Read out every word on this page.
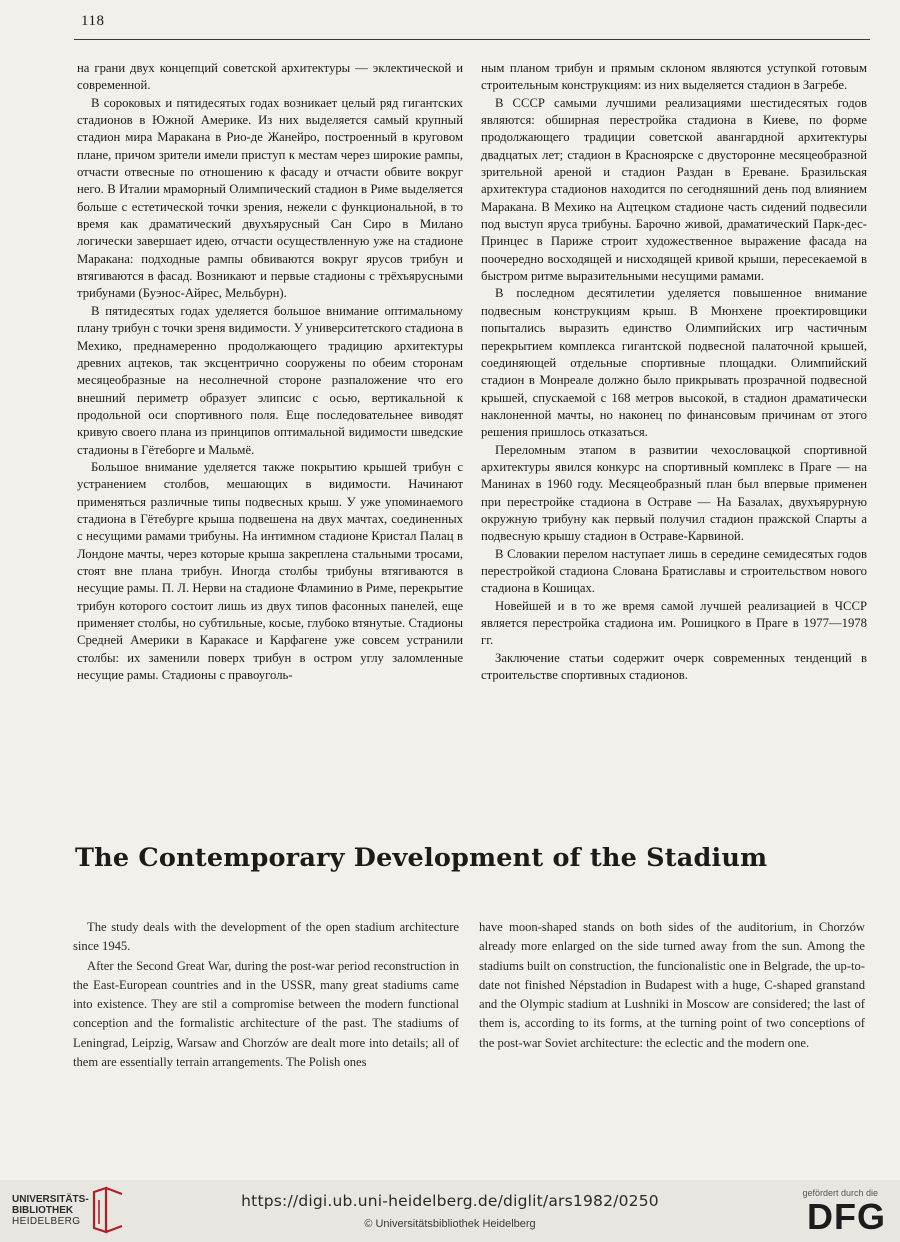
118

на грани двух концепций советской архитектуры — эклектической и современной.

В сороковых и пятидесятых годах возникает целый ряд гигантских стадионов в Южной Америке. Из них выделяется самый крупный стадион мира Маракана в Рио-де Жанейро, построенный в круговом плане, причом зрители имели приступ к местам через широкие рампы, отчасти отвесные по отношению к фасаду и отчасти обвите вокруг него. В Италии мраморный Олимпический стадион в Риме выделяется больше с естетической точки зрения, нежели с функциональной, в то время как драматический двухъярусный Сан Сиро в Милано логически завершает идею, отчасти осуществленную уже на стадионе Маракана: подходные рампы обвиваются вокруг ярусов трибун и втягиваются в фасад. Возникают и первые стадионы с трёхъярусными трибунами (Буэнос-Айрес, Мельбурн).

В пятидесятых годах уделяется большое внимание оптимальному плану трибун с точки зреня видимости. У университетского стадиона в Мехико, преднамеренно продолжающего традицию архитектуры древних ацтеков, так эксцентрично сооружены по обеим сторонам месяцеобразные на несолнечной стороне разпаложение что его внешний периметр образует элипсис с осью, вертикальной к продольной оси спортивного поля. Еще последовательнее виводят кривую своего плана из принципов оптимальной видимости шведские стадионы в Гётеборге и Мальмё.

Большое внимание уделяется также покрытию крышей трибун с устранением столбов, мешающих в видимости. Начинают применяться различные типы подвесных крыш. У уже упоминаемого стадиона в Гётебурге крыша подвешена на двух мачтах, соединенных с несущими рамами трибуны. На интимном стадионе Кристал Палац в Лондоне мачты, через которые крыша закреплена стальными тросами, стоят вне плана трибун. Иногда столбы трибуны втягиваются в несущие рамы. П. Л. Нерви на стадионе Фламинио в Риме, перекрытие трибун которого состоит лишь из двух типов фасонных панелей, еще применяет столбы, но субтильные, косые, глубоко втянутые. Стадионы Средней Америки в Каракасе и Карфагене уже совсем устранили столбы: их заменили поверх трибун в остром углу заломленные несущие рамы. Стадионы с правоуголь-

ным планом трибун и прямым склоном являются уступкой готовым строительным конструкциям: из них выделяется стадион в Загребе.

В СССР самыми лучшими реализациями шестидесятых годов являются: обширная перестройка стадиона в Киеве, по форме продолжающего традиции советской авангардной архитектуры двадцатых лет; стадион в Красноярске с двусторонне месяцеобразной зрительной ареной и стадион Раздан в Ереване. Бразильская архитектура стадионов находится по сегодняшний день под влиянием Маракана. В Мехико на Ацтецком стадионе часть сидений подвесили под выступ яруса трибуны. Барочно живой, драматический Парк-дес-Принцес в Париже строит художественное выражение фасада на поочередно восходящей и нисходящей кривой крыши, пересекаемой в быстром ритме выразительными несущими рамами.

В последном десятилетии уделяется повышенное внимание подвесным конструкциям крыш. В Мюнхене проектировщики попытались выразить единство Олимпийских игр частичным перекрытием комплекса гигантской подвесной палаточной крышей, соединяющей отдельные спортивные площадки. Олимпийский стадион в Монреале должно было прикрывать прозрачной подвесной крышей, спускаемой с 168 метров высокой, в стадион драматически наклоненной мачты, но наконец по финансовым причинам от этого решения пришлось отказаться.

Переломным этапом в развитии чехословацкой спортивной архитектуры явился конкурс на спортивный комплекс в Праге — на Манинах в 1960 году. Месяцеобразный план был впервые применен при перестройке стадиона в Остраве — На Базалах, двухъярурную окружную трибуну как первый получил стадион пражской Спарты а подвесную крышу стадион в Остраве-Карвиной.

В Словакии перелом наступает лишь в середине семидесятых годов перестройкой стадиона Слована Братиславы и строительством нового стадиона в Кошицах.

Новейшей и в то же время самой лучшей реализацией в ЧССР является перестройка стадиона им. Рошицкого в Праге в 1977—1978 гг.

Заключение статьи содержит очерк современных тенденций в строительстве спортивных стадионов.

The Contemporary Development of the Stadium

The study deals with the development of the open stadium architecture since 1945.

After the Second Great War, during the post-war period reconstruction in the East-European countries and in the USSR, many great stadiums came into existence. They are stil a compromise between the modern functional conception and the formalistic architecture of the past. The stadiums of Leningrad, Leipzig, Warsaw and Chorzów are dealt more into details; all of them are essentially terrain arrangements. The Polish ones

have moon-shaped stands on both sides of the auditorium, in Chorzów already more enlarged on the side turned away from the sun. Among the stadiums built on construction, the funcionalistic one in Belgrade, the up-to-date not finished Népstadion in Budapest with a huge, C-shaped granstand and the Olympic stadium at Lushniki in Moscow are considered; the last of them is, according to its forms, at the turning point of two conceptions of the post-war Soviet architecture: the eclectic and the modern one.

UNIVERSITÄTS-
BIBLIOTHEK
HEIDELBERG
https://digi.ub.uni-heidelberg.de/diglit/ars1982/0250
© Universitätsbibliothek Heidelberg
gefördert durch die
DFG
